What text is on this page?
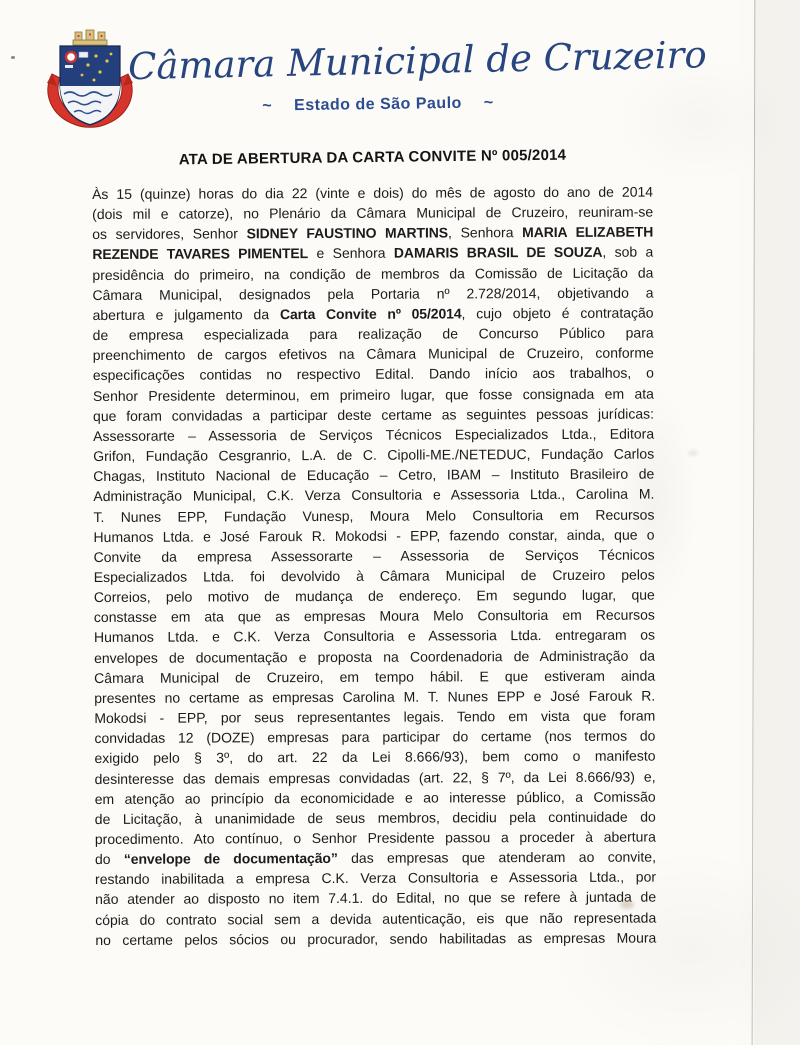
Câmara Municipal de Cruzeiro
~ Estado de São Paulo ~
ATA DE ABERTURA DA CARTA CONVITE Nº 005/2014
Às 15 (quinze) horas do dia 22 (vinte e dois) do mês de agosto do ano de 2014
(dois mil e catorze), no Plenário da Câmara Municipal de Cruzeiro, reuniram-se
os servidores, Senhor SIDNEY FAUSTINO MARTINS, Senhora MARIA ELIZABETH
REZENDE TAVARES PIMENTEL e Senhora DAMARIS BRASIL DE SOUZA, sob a
presidência do primeiro, na condição de membros da Comissão de Licitação da
Câmara Municipal, designados pela Portaria nº 2.728/2014, objetivando a
abertura e julgamento da Carta Convite nº 05/2014, cujo objeto é contratação
de empresa especializada para realização de Concurso Público para
preenchimento de cargos efetivos na Câmara Municipal de Cruzeiro, conforme
especificações contidas no respectivo Edital. Dando início aos trabalhos, o
Senhor Presidente determinou, em primeiro lugar, que fosse consignada em ata
que foram convidadas a participar deste certame as seguintes pessoas jurídicas:
Assessorarte – Assessoria de Serviços Técnicos Especializados Ltda., Editora
Grifon, Fundação Cesgranrio, L.A. de C. Cipolli-ME./NETEDUC, Fundação Carlos
Chagas, Instituto Nacional de Educação – Cetro, IBAM – Instituto Brasileiro de
Administração Municipal, C.K. Verza Consultoria e Assessoria Ltda., Carolina M.
T. Nunes EPP, Fundação Vunesp, Moura Melo Consultoria em Recursos
Humanos Ltda. e José Farouk R. Mokodsi - EPP, fazendo constar, ainda, que o
Convite da empresa Assessorarte – Assessoria de Serviços Técnicos
Especializados Ltda. foi devolvido à Câmara Municipal de Cruzeiro pelos
Correios, pelo motivo de mudança de endereço. Em segundo lugar, que
constasse em ata que as empresas Moura Melo Consultoria em Recursos
Humanos Ltda. e C.K. Verza Consultoria e Assessoria Ltda. entregaram os
envelopes de documentação e proposta na Coordenadoria de Administração da
Câmara Municipal de Cruzeiro, em tempo hábil. E que estiveram ainda
presentes no certame as empresas Carolina M. T. Nunes EPP e José Farouk R.
Mokodsi - EPP, por seus representantes legais. Tendo em vista que foram
convidadas 12 (DOZE) empresas para participar do certame (nos termos do
exigido pelo § 3º, do art. 22 da Lei 8.666/93), bem como o manifesto
desinteresse das demais empresas convidadas (art. 22, § 7º, da Lei 8.666/93) e,
em atenção ao princípio da economicidade e ao interesse público, a Comissão
de Licitação, à unanimidade de seus membros, decidiu pela continuidade do
procedimento. Ato contínuo, o Senhor Presidente passou a proceder à abertura
do “envelope de documentação” das empresas que atenderam ao convite,
restando inabilitada a empresa C.K. Verza Consultoria e Assessoria Ltda., por
não atender ao disposto no item 7.4.1. do Edital, no que se refere à juntada de
cópia do contrato social sem a devida autenticação, eis que não representada
no certame pelos sócios ou procurador, sendo habilitadas as empresas Moura
